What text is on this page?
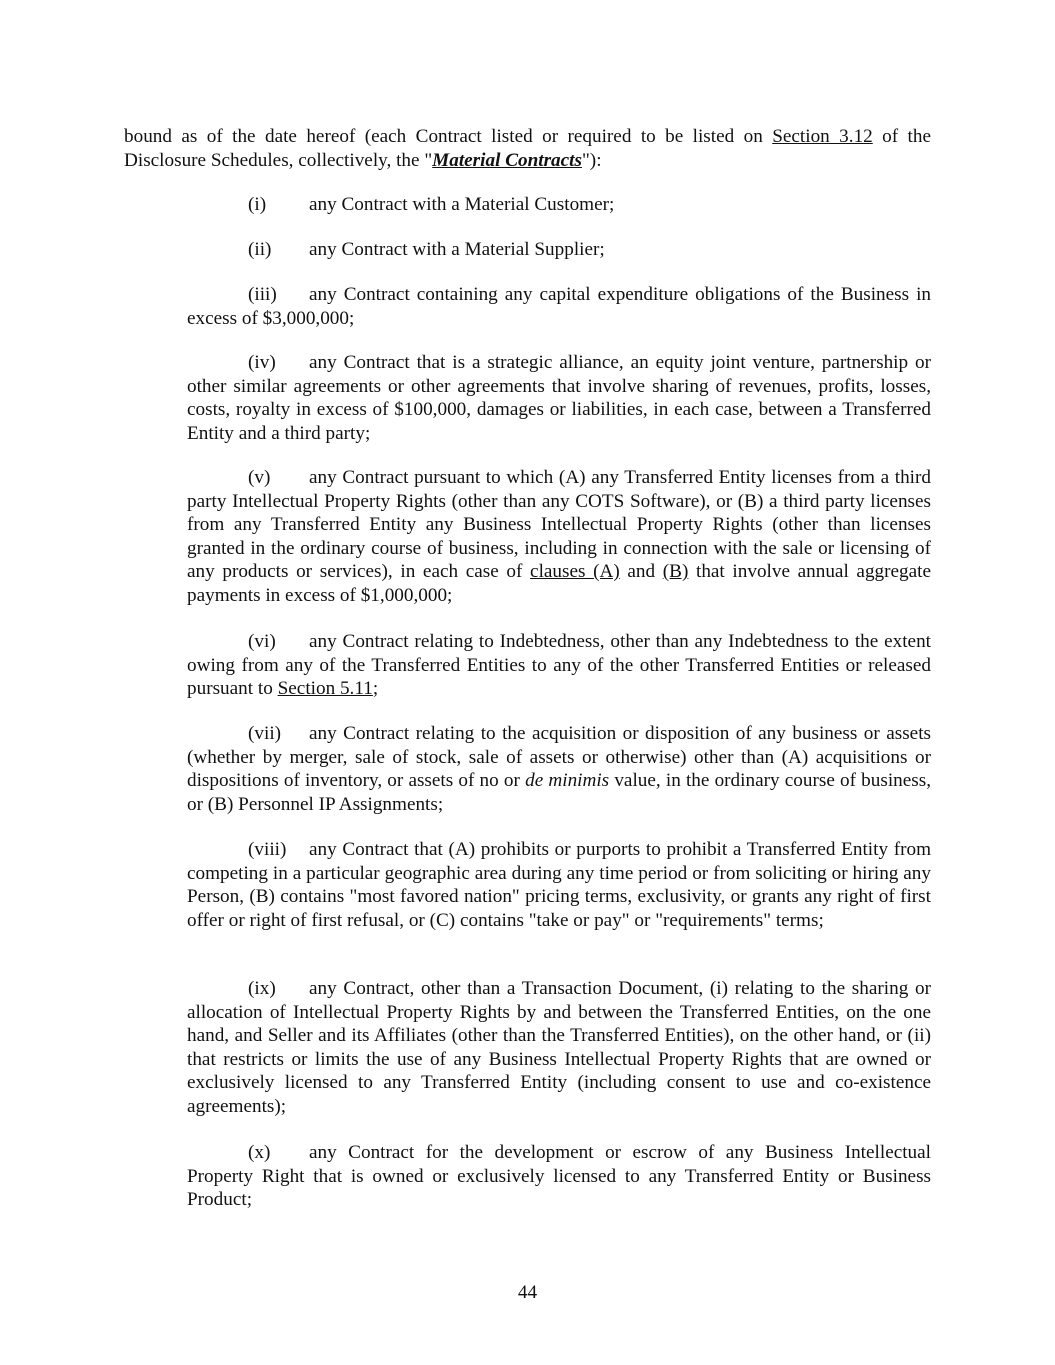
bound as of the date hereof (each Contract listed or required to be listed on Section 3.12 of the Disclosure Schedules, collectively, the "Material Contracts"):

(i) any Contract with a Material Customer;

(ii) any Contract with a Material Supplier;

(iii) any Contract containing any capital expenditure obligations of the Business in excess of $3,000,000;

(iv) any Contract that is a strategic alliance, an equity joint venture, partnership or other similar agreements or other agreements that involve sharing of revenues, profits, losses, costs, royalty in excess of $100,000, damages or liabilities, in each case, between a Transferred Entity and a third party;

(v) any Contract pursuant to which (A) any Transferred Entity licenses from a third party Intellectual Property Rights (other than any COTS Software), or (B) a third party licenses from any Transferred Entity any Business Intellectual Property Rights (other than licenses granted in the ordinary course of business, including in connection with the sale or licensing of any products or services), in each case of clauses (A) and (B) that involve annual aggregate payments in excess of $1,000,000;

(vi) any Contract relating to Indebtedness, other than any Indebtedness to the extent owing from any of the Transferred Entities to any of the other Transferred Entities or released pursuant to Section 5.11;

(vii) any Contract relating to the acquisition or disposition of any business or assets (whether by merger, sale of stock, sale of assets or otherwise) other than (A) acquisitions or dispositions of inventory, or assets of no or de minimis value, in the ordinary course of business, or (B) Personnel IP Assignments;

(viii) any Contract that (A) prohibits or purports to prohibit a Transferred Entity from competing in a particular geographic area during any time period or from soliciting or hiring any Person, (B) contains "most favored nation" pricing terms, exclusivity, or grants any right of first offer or right of first refusal, or (C) contains "take or pay" or "requirements" terms;

(ix) any Contract, other than a Transaction Document, (i) relating to the sharing or allocation of Intellectual Property Rights by and between the Transferred Entities, on the one hand, and Seller and its Affiliates (other than the Transferred Entities), on the other hand, or (ii) that restricts or limits the use of any Business Intellectual Property Rights that are owned or exclusively licensed to any Transferred Entity (including consent to use and co-existence agreements);

(x) any Contract for the development or escrow of any Business Intellectual Property Right that is owned or exclusively licensed to any Transferred Entity or Business Product;

44
